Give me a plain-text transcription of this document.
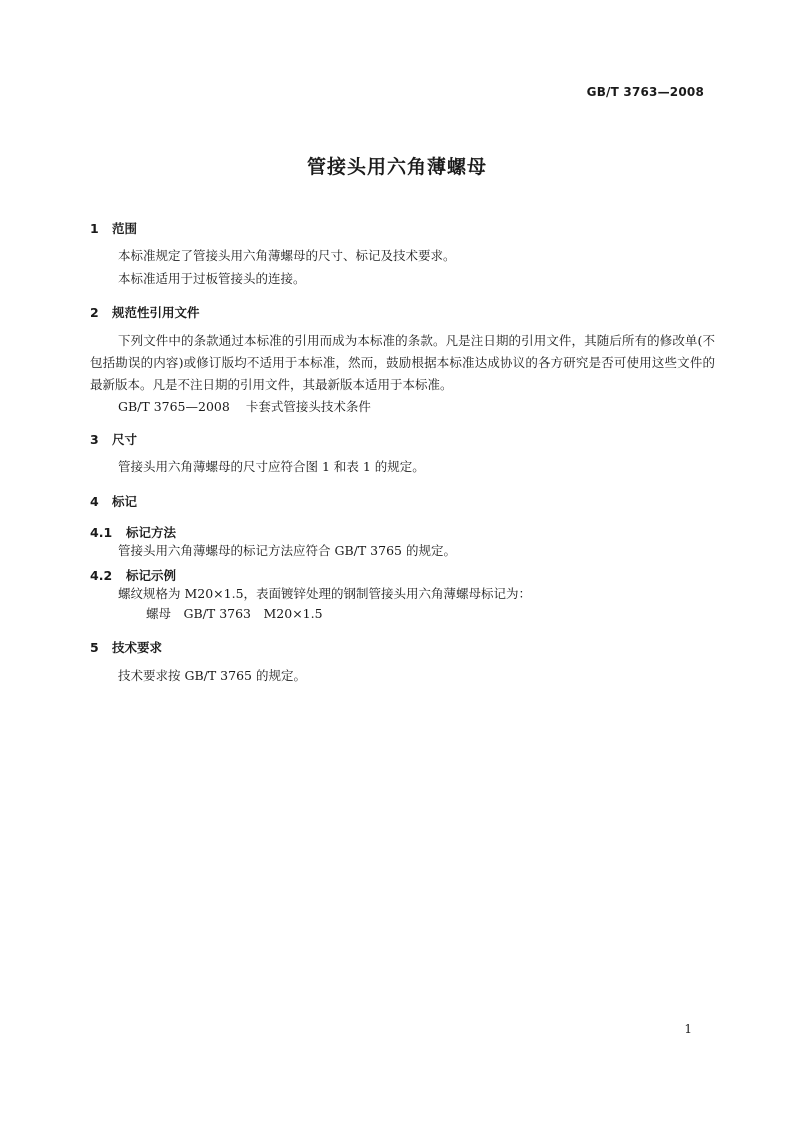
GB/T 3763—2008
管接头用六角薄螺母
1 范围
本标准规定了管接头用六角薄螺母的尺寸、标记及技术要求。
本标准适用于过板管接头的连接。
2 规范性引用文件
下列文件中的条款通过本标准的引用而成为本标准的条款。凡是注日期的引用文件，其随后所有的修改单(不包括勘误的内容)或修订版均不适用于本标准，然而，鼓励根据本标准达成协议的各方研究是否可使用这些文件的最新版本。凡是不注日期的引用文件，其最新版本适用于本标准。
GB/T 3765—2008 卡套式管接头技术条件
3 尺寸
管接头用六角薄螺母的尺寸应符合图 1 和表 1 的规定。
4 标记
4.1 标记方法
管接头用六角薄螺母的标记方法应符合 GB/T 3765 的规定。
4.2 标记示例
螺纹规格为 M20×1.5，表面镀锌处理的钢制管接头用六角薄螺母标记为：
螺母　GB/T 3763　M20×1.5
5 技术要求
技术要求按 GB/T 3765 的规定。
1
